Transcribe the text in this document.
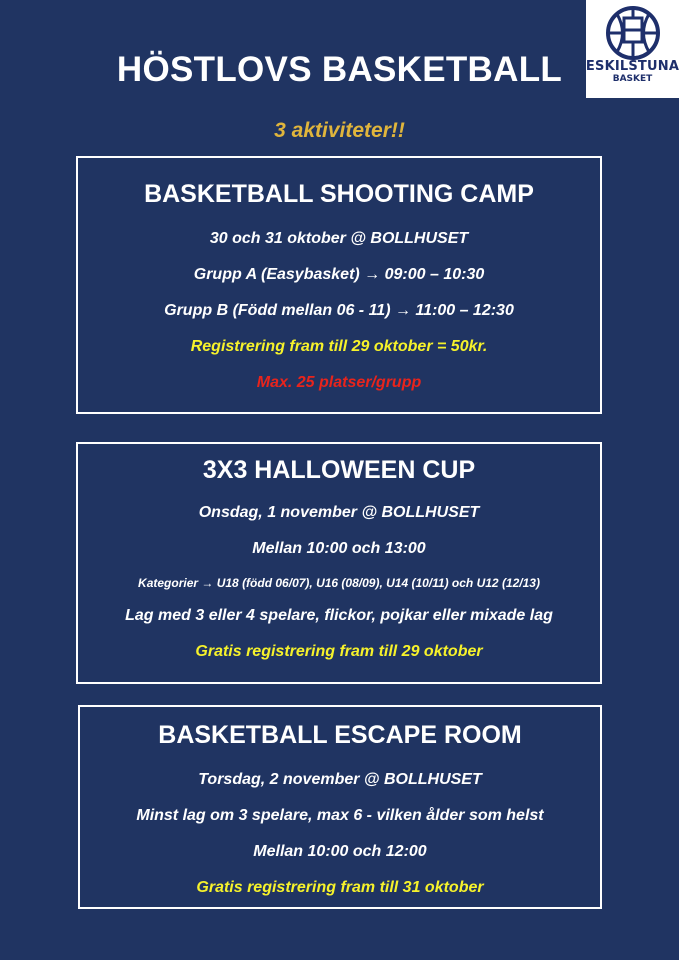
ESKILSTUNA
BASKET
HÖSTLOVS BASKETBALL

3 aktiviteter!!

BASKETBALL SHOOTING CAMP

30 och 31 oktober @ BOLLHUSET

Grupp A (Easybasket) → 09:00 – 10:30

Grupp B (Född mellan 06 - 11) → 11:00 – 12:30

Registrering fram till 29 oktober = 50kr.

Max. 25 platser/grupp

3X3 HALLOWEEN CUP

Onsdag, 1 november @ BOLLHUSET

Mellan 10:00 och 13:00

Kategorier → U18 (född 06/07), U16 (08/09), U14 (10/11) och U12 (12/13)

Lag med 3 eller 4 spelare, flickor, pojkar eller mixade lag

Gratis registrering fram till 29 oktober

BASKETBALL ESCAPE ROOM

Torsdag, 2 november @ BOLLHUSET

Minst lag om 3 spelare, max 6 - vilken ålder som helst

Mellan 10:00 och 12:00

Gratis registrering fram till 31 oktober
